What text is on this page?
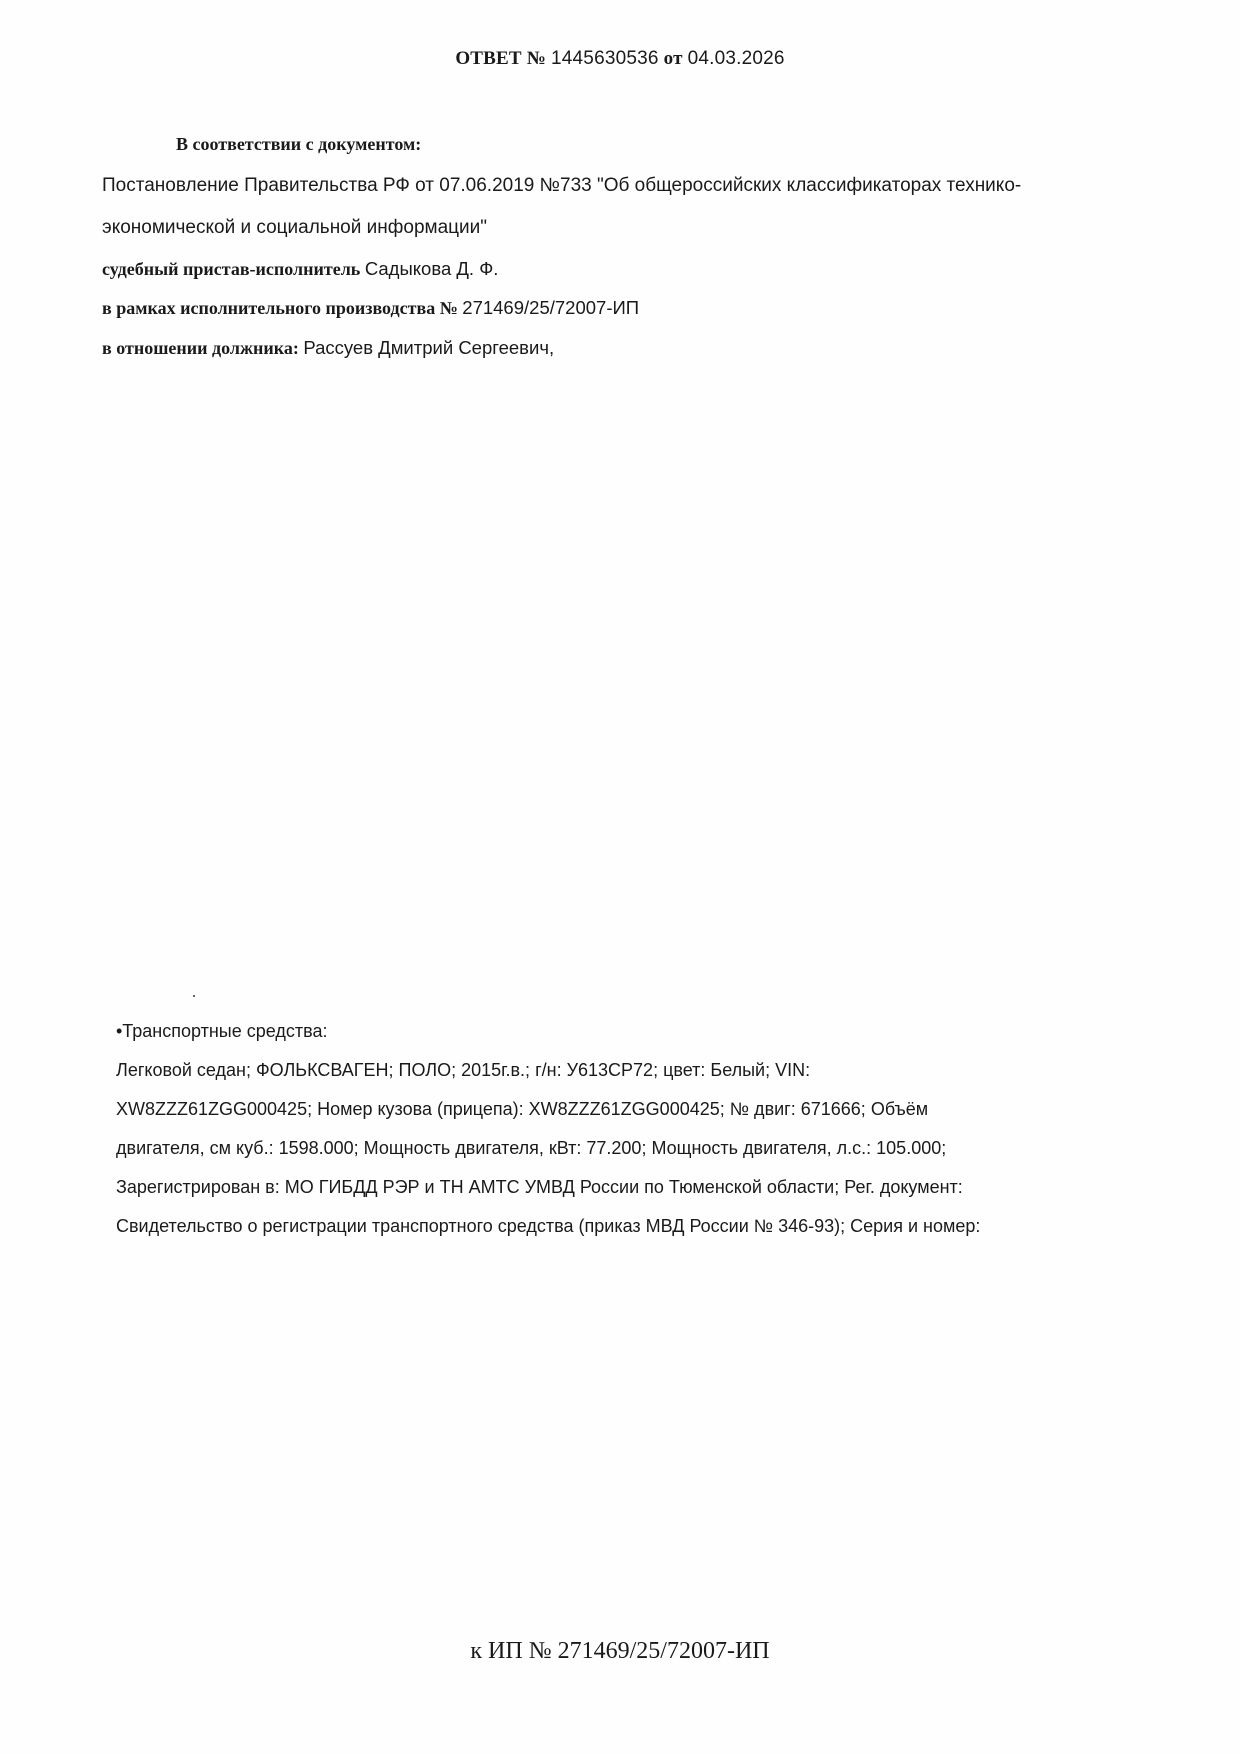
ОТВЕТ № 1445630536 от 04.03.2026
В соответствии с документом:
Постановление Правительства РФ от 07.06.2019 №733 "Об общероссийских классификаторах технико-экономической и социальной информации"
судебный пристав-исполнитель Садыкова Д. Ф.
в рамках исполнительного производства № 271469/25/72007-ИП
в отношении должника: Рассуев Дмитрий Сергеевич,
•Транспортные средства:
Легковой седан; ФОЛЬКСВАГЕН; ПОЛО; 2015г.в.; г/н: У613СР72; цвет: Белый; VIN:
XW8ZZZ61ZGG000425; Номер кузова (прицепа): XW8ZZZ61ZGG000425; № двиг: 671666; Объём
двигателя, см куб.: 1598.000; Мощность двигателя, кВт: 77.200; Мощность двигателя, л.с.: 105.000;
Зарегистрирован в: МО ГИБДД РЭР и ТН АМТС УМВД России по Тюменской области; Рег. документ:
Свидетельство о регистрации транспортного средства (приказ МВД России № 346-93); Серия и номер:
к ИП № 271469/25/72007-ИП
